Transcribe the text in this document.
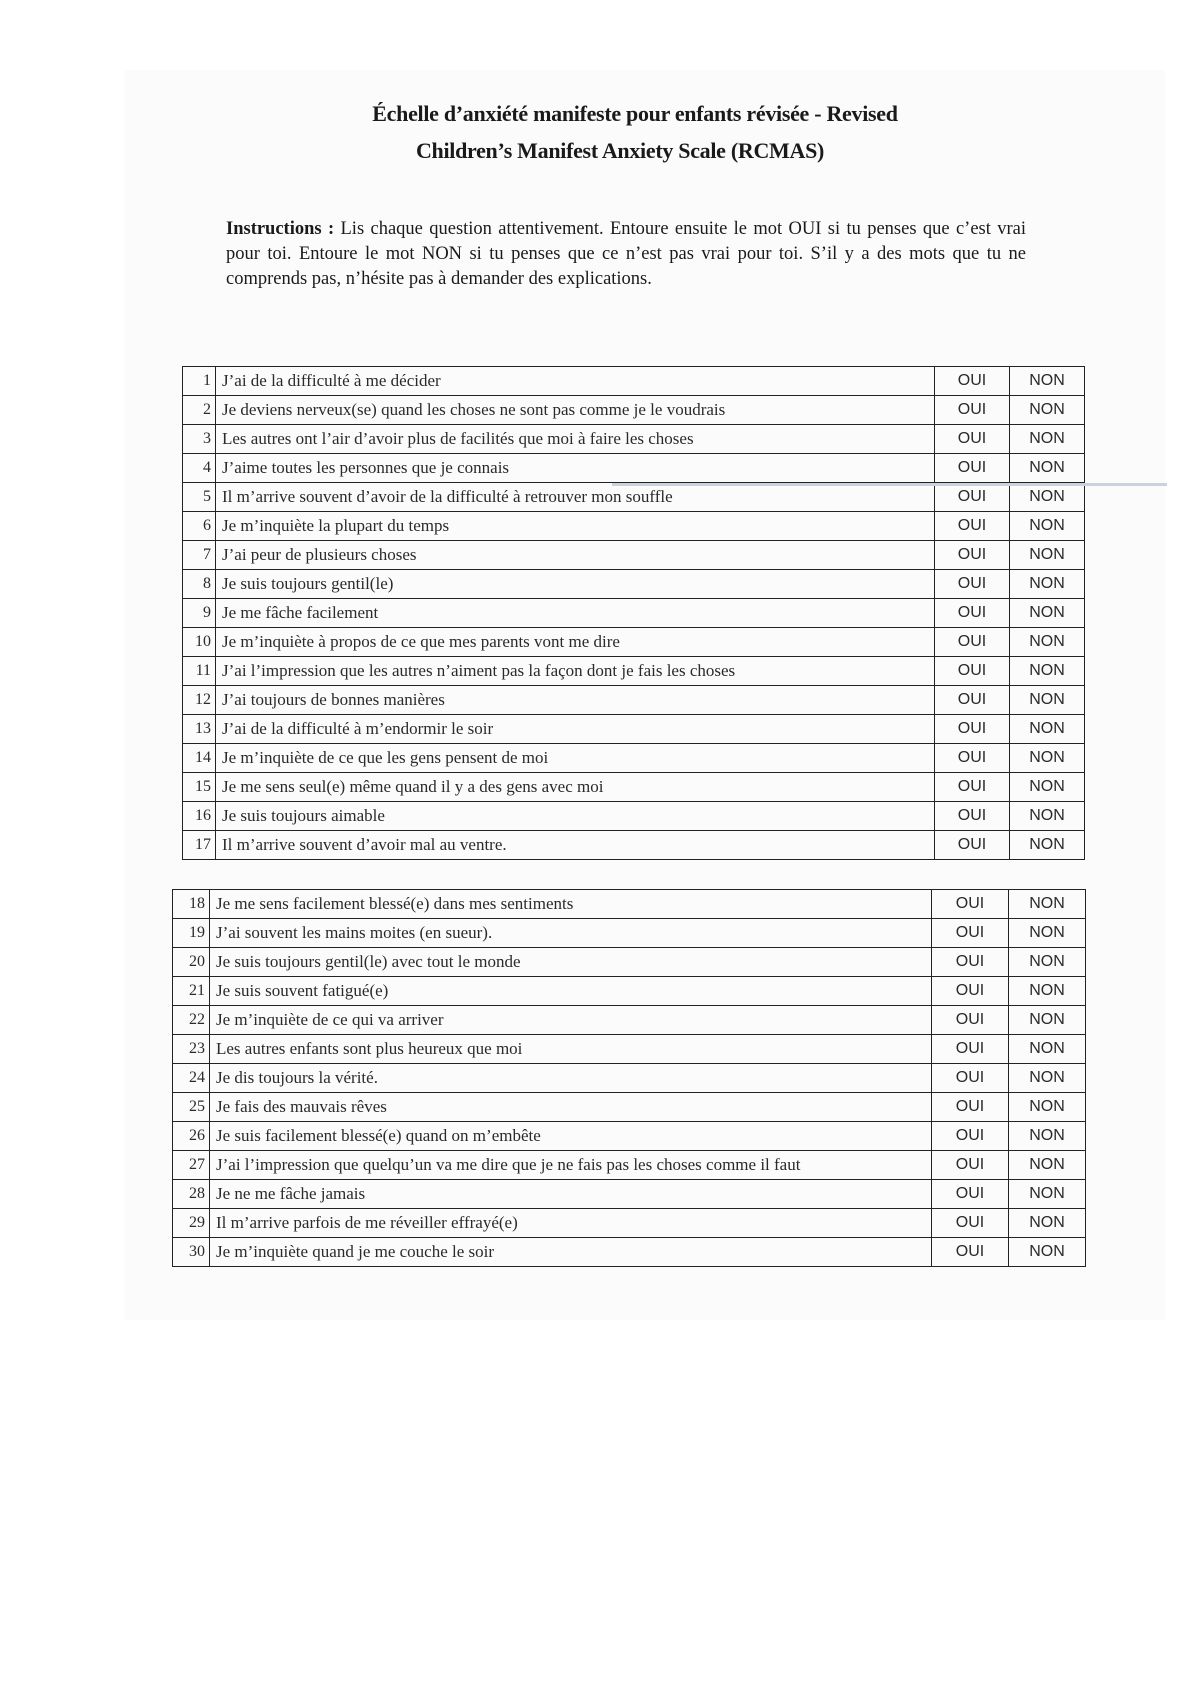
Échelle d’anxiété manifeste pour enfants révisée - Revised
Children’s Manifest Anxiety Scale (RCMAS)
Instructions : Lis chaque question attentivement. Entoure ensuite le mot OUI si tu penses que c’est vrai pour toi. Entoure le mot NON si tu penses que ce n’est pas vrai pour toi. S’il y a des mots que tu ne comprends pas, n’hésite pas à demander des explications.
1	J’ai de la difficulté à me décider	OUI	NON
2	Je deviens nerveux(se) quand les choses ne sont pas comme je le voudrais	OUI	NON
3	Les autres ont l’air d’avoir plus de facilités que moi à faire les choses	OUI	NON
4	J’aime toutes les personnes que je connais	OUI	NON
5	Il m’arrive souvent d’avoir de la difficulté à retrouver mon souffle	OUI	NON
6	Je m’inquiète la plupart du temps	OUI	NON
7	J’ai peur de plusieurs choses	OUI	NON
8	Je suis toujours gentil(le)	OUI	NON
9	Je me fâche facilement	OUI	NON
10	Je m’inquiète à propos de ce que mes parents vont me dire	OUI	NON
11	J’ai l’impression que les autres n’aiment pas la façon dont je fais les choses	OUI	NON
12	J’ai toujours de bonnes manières	OUI	NON
13	J’ai de la difficulté à m’endormir le soir	OUI	NON
14	Je m’inquiète de ce que les gens pensent de moi	OUI	NON
15	Je me sens seul(e) même quand il y a des gens avec moi	OUI	NON
16	Je suis toujours aimable	OUI	NON
17	Il m’arrive souvent d’avoir mal au ventre.	OUI	NON
18	Je me sens facilement blessé(e) dans mes sentiments	OUI	NON
19	J’ai souvent les mains moites (en sueur).	OUI	NON
20	Je suis toujours gentil(le) avec tout le monde	OUI	NON
21	Je suis souvent fatigué(e)	OUI	NON
22	Je m’inquiète de ce qui va arriver	OUI	NON
23	Les autres enfants sont plus heureux que moi	OUI	NON
24	Je dis toujours la vérité.	OUI	NON
25	Je fais des mauvais rêves	OUI	NON
26	Je suis facilement blessé(e) quand on m’embête	OUI	NON
27	J’ai l’impression que quelqu’un va me dire que je ne fais pas les choses comme il faut	OUI	NON
28	Je ne me fâche jamais	OUI	NON
29	Il m’arrive parfois de me réveiller effrayé(e)	OUI	NON
30	Je m’inquiète quand je me couche le soir	OUI	NON
